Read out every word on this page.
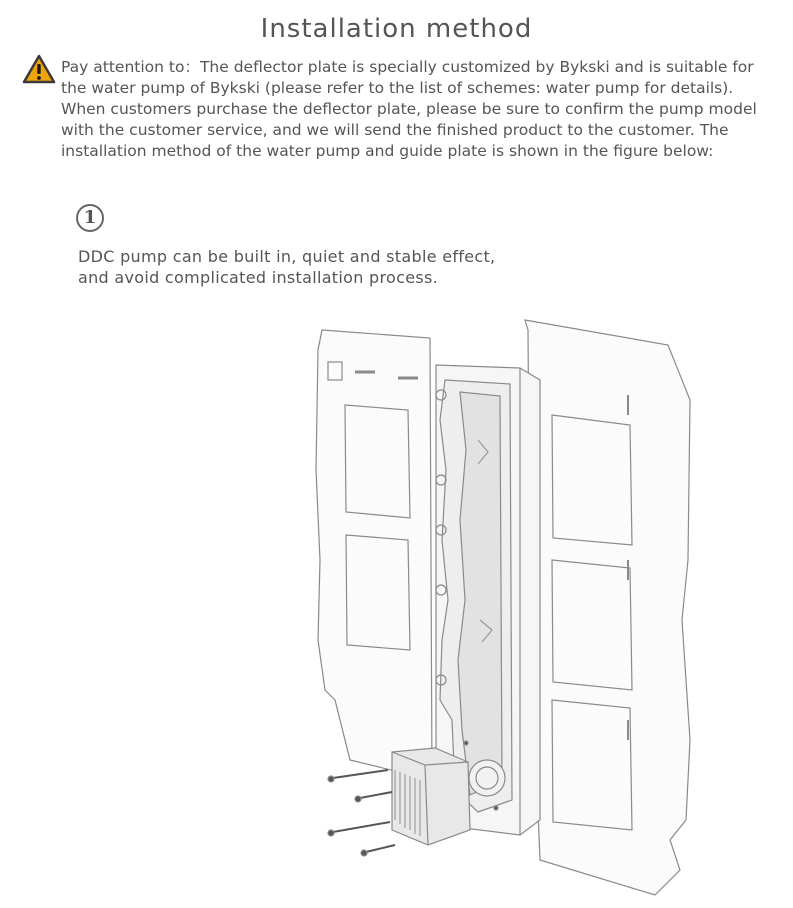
Installation method
Pay attention to：The deflector plate is specially customized by Bykski and is suitable for the water pump of Bykski (please refer to the list of schemes: water pump for details). When customers purchase the deflector plate, please be sure to confirm the pump model with the customer service, and we will send the finished product to the customer. The installation method of the water pump and guide plate is shown in the figure below:
1
DDC pump can be built in, quiet and stable effect,
and avoid complicated installation process.
